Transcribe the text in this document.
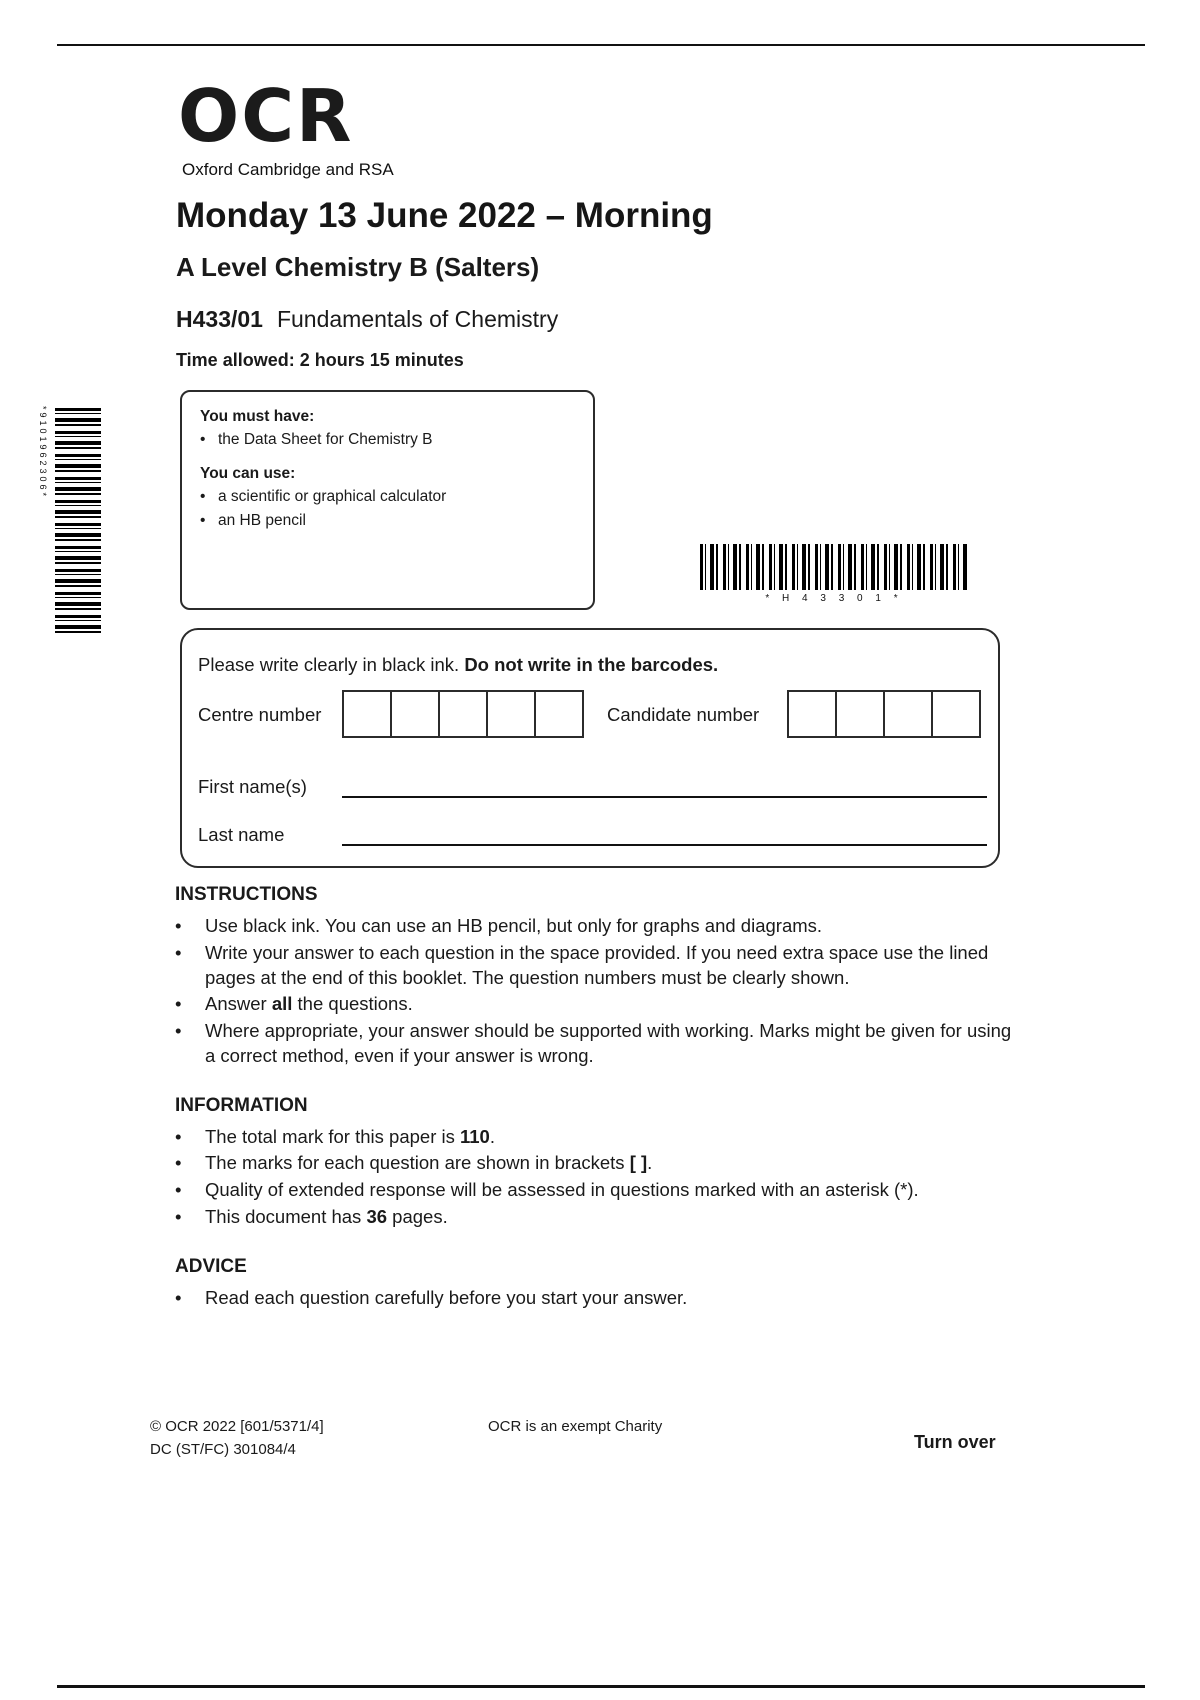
OCR
Oxford Cambridge and RSA
Monday 13 June 2022 – Morning
A Level Chemistry B (Salters)
H433/01 Fundamentals of Chemistry
Time allowed: 2 hours 15 minutes
You must have:
• the Data Sheet for Chemistry B
You can use:
• a scientific or graphical calculator
• an HB pencil
*9101962306*
* H 4 3 3 0 1 *
Please write clearly in black ink. Do not write in the barcodes.
Centre number	Candidate number
First name(s)
Last name
INSTRUCTIONS
•	Use black ink. You can use an HB pencil, but only for graphs and diagrams.
•	Write your answer to each question in the space provided. If you need extra space use the lined pages at the end of this booklet. The question numbers must be clearly shown.
•	Answer all the questions.
•	Where appropriate, your answer should be supported with working. Marks might be given for using a correct method, even if your answer is wrong.
INFORMATION
•	The total mark for this paper is 110.
•	The marks for each question are shown in brackets [ ].
•	Quality of extended response will be assessed in questions marked with an asterisk (*).
•	This document has 36 pages.
ADVICE
•	Read each question carefully before you start your answer.
© OCR 2022 [601/5371/4]
DC (ST/FC) 301084/4
OCR is an exempt Charity
Turn over
